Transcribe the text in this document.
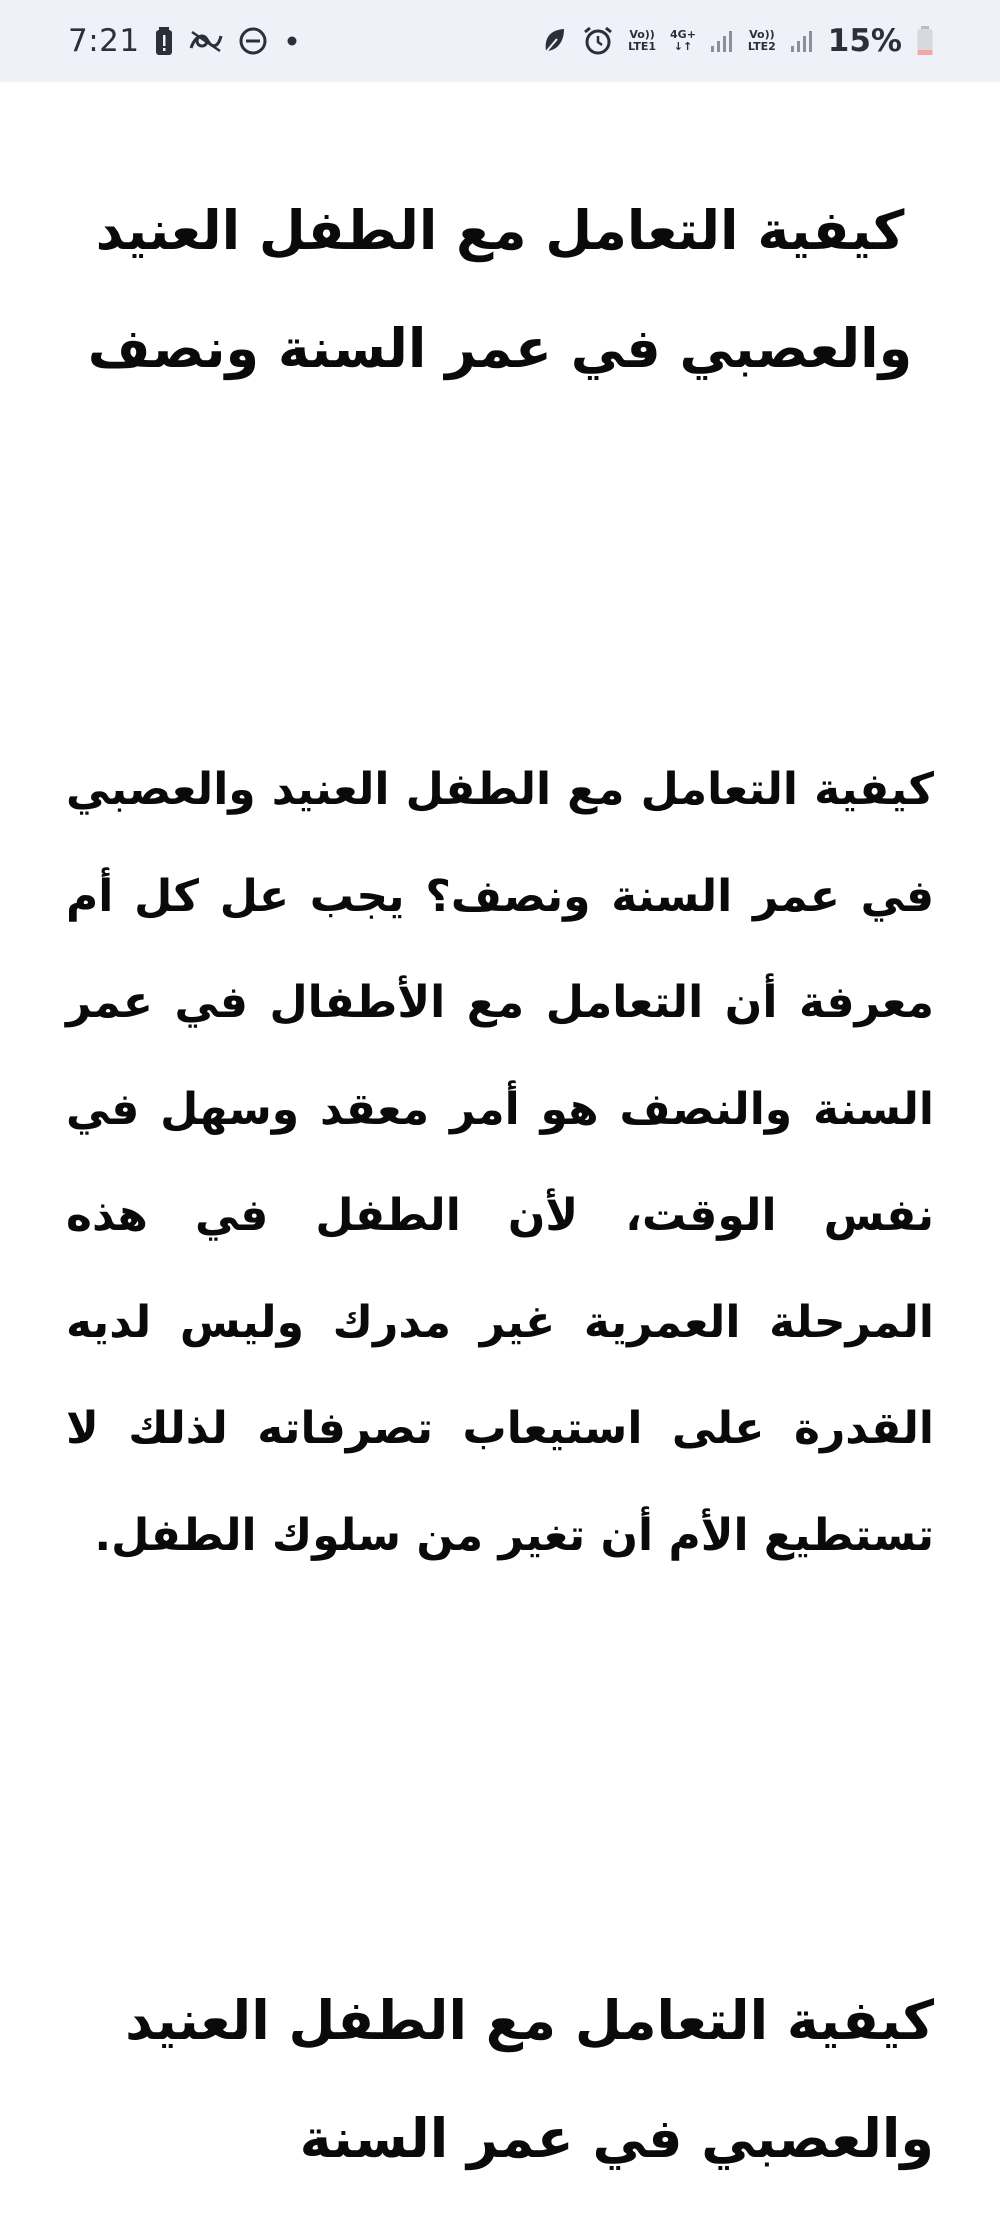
7:21	Vo))
LTE1
4G+
↓↑
Vo))
LTE2 15%
كيفية التعامل مع الطفل العنيد والعصبي في عمر السنة ونصف

كيفية التعامل مع الطفل العنيد والعصبي في عمر السنة ونصف؟ يجب عل كل أم معرفة أن التعامل مع الأطفال في عمر السنة والنصف هو أمر معقد وسهل في نفس الوقت، لأن الطفل في هذه المرحلة العمرية غير مدرك وليس لديه القدرة على استيعاب تصرفاته لذلك لا تستطيع الأم أن تغير من سلوك الطفل.

كيفية التعامل مع الطفل العنيد والعصبي في عمر السنة
